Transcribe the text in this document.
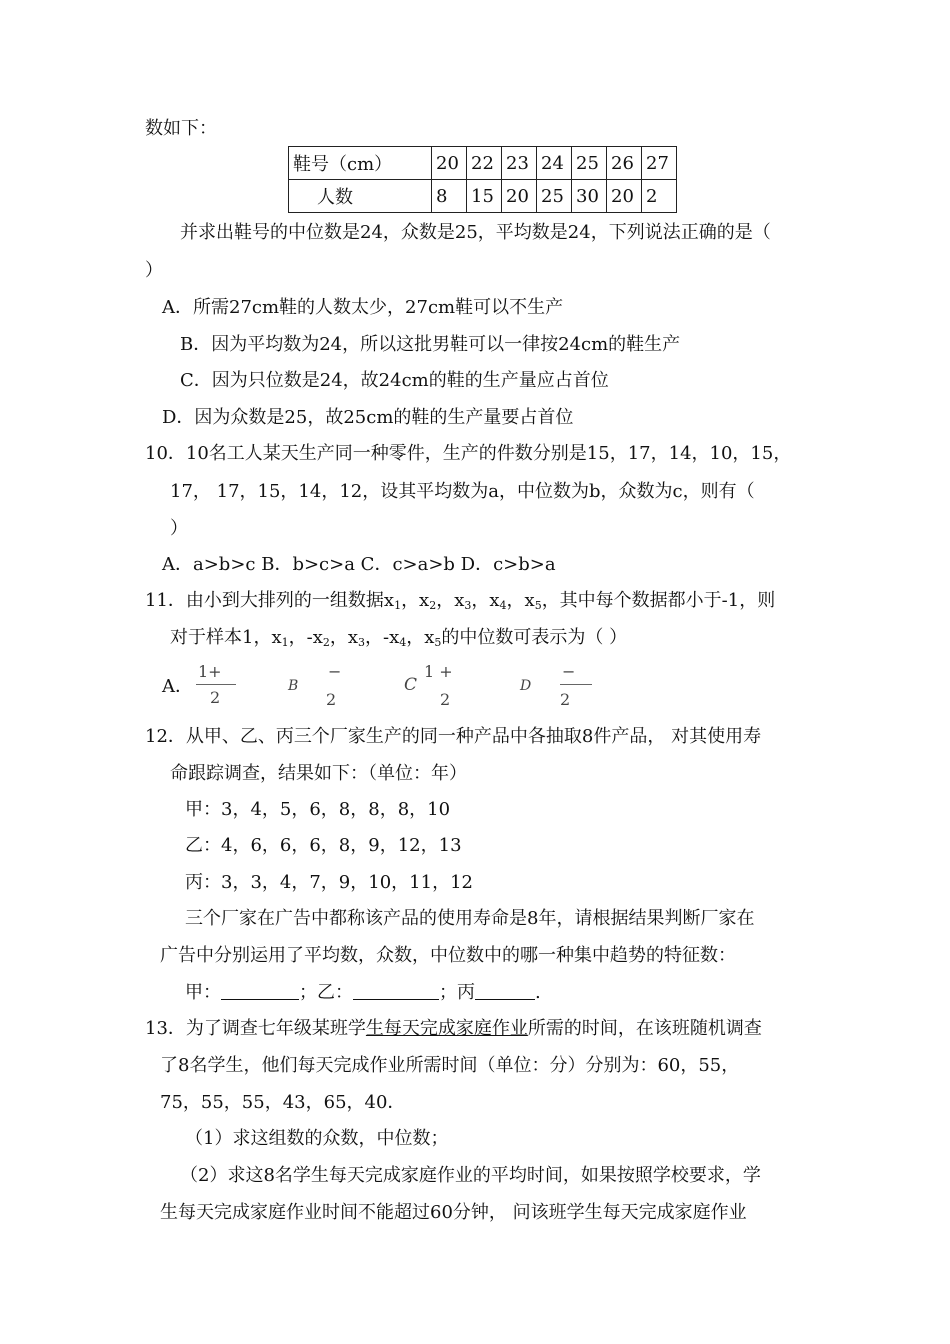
数如下：
鞋号（cm）	20	22	23	24	25	26	27
人数	8	15	20	25	30	20	2
并求出鞋号的中位数是24，众数是25，平均数是24，下列说法正确的是（
）
A．所需27cm鞋的人数太少，27cm鞋可以不生产
B．因为平均数为24，所以这批男鞋可以一律按24cm的鞋生产
C．因为只位数是24，故24cm的鞋的生产量应占首位
D．因为众数是25，故25cm的鞋的生产量要占首位
10．10名工人某天生产同一种零件，生产的件数分别是15，17，14，10，15，
17， 17，15，14，12，设其平均数为a，中位数为b，众数为c，则有（
）
A．a>b>c B．b>c>a C．c>a>b D．c>b>a
11．由小到大排列的一组数据$x_1$，$x_2$，$x_3$，$x_4$，$x_5$，其中每个数据都小于-1，则
对于样本1，$x_1$，$-x_2$，$x_3$，$-x_4$，$x_5$的中位数可表示为（ ）
A．
1+
2
B
−
2
C
1 +
2
D
−
2
12．从甲、乙、丙三个厂家生产的同一种产品中各抽取8件产品， 对其使用寿
命跟踪调查，结果如下：（单位：年）
甲：3，4，5，6，8，8，8，10
乙：4，6，6，6，8，9，12，13
丙：3，3，4，7，9，10，11，12
三个厂家在广告中都称该产品的使用寿命是8年，请根据结果判断厂家在
广告中分别运用了平均数，众数，中位数中的哪一种集中趋势的特征数：
甲：	；乙：	；丙	.
13．为了调查七年级某班学生每天完成家庭作业所需的时间，在该班随机调查
了8名学生，他们每天完成作业所需时间（单位：分）分别为：60，55，
75，55，55，43，65，40．
（1）求这组数的众数，中位数；
（2）求这8名学生每天完成家庭作业的平均时间，如果按照学校要求，学
生每天完成家庭作业时间不能超过60分钟， 问该班学生每天完成家庭作业
